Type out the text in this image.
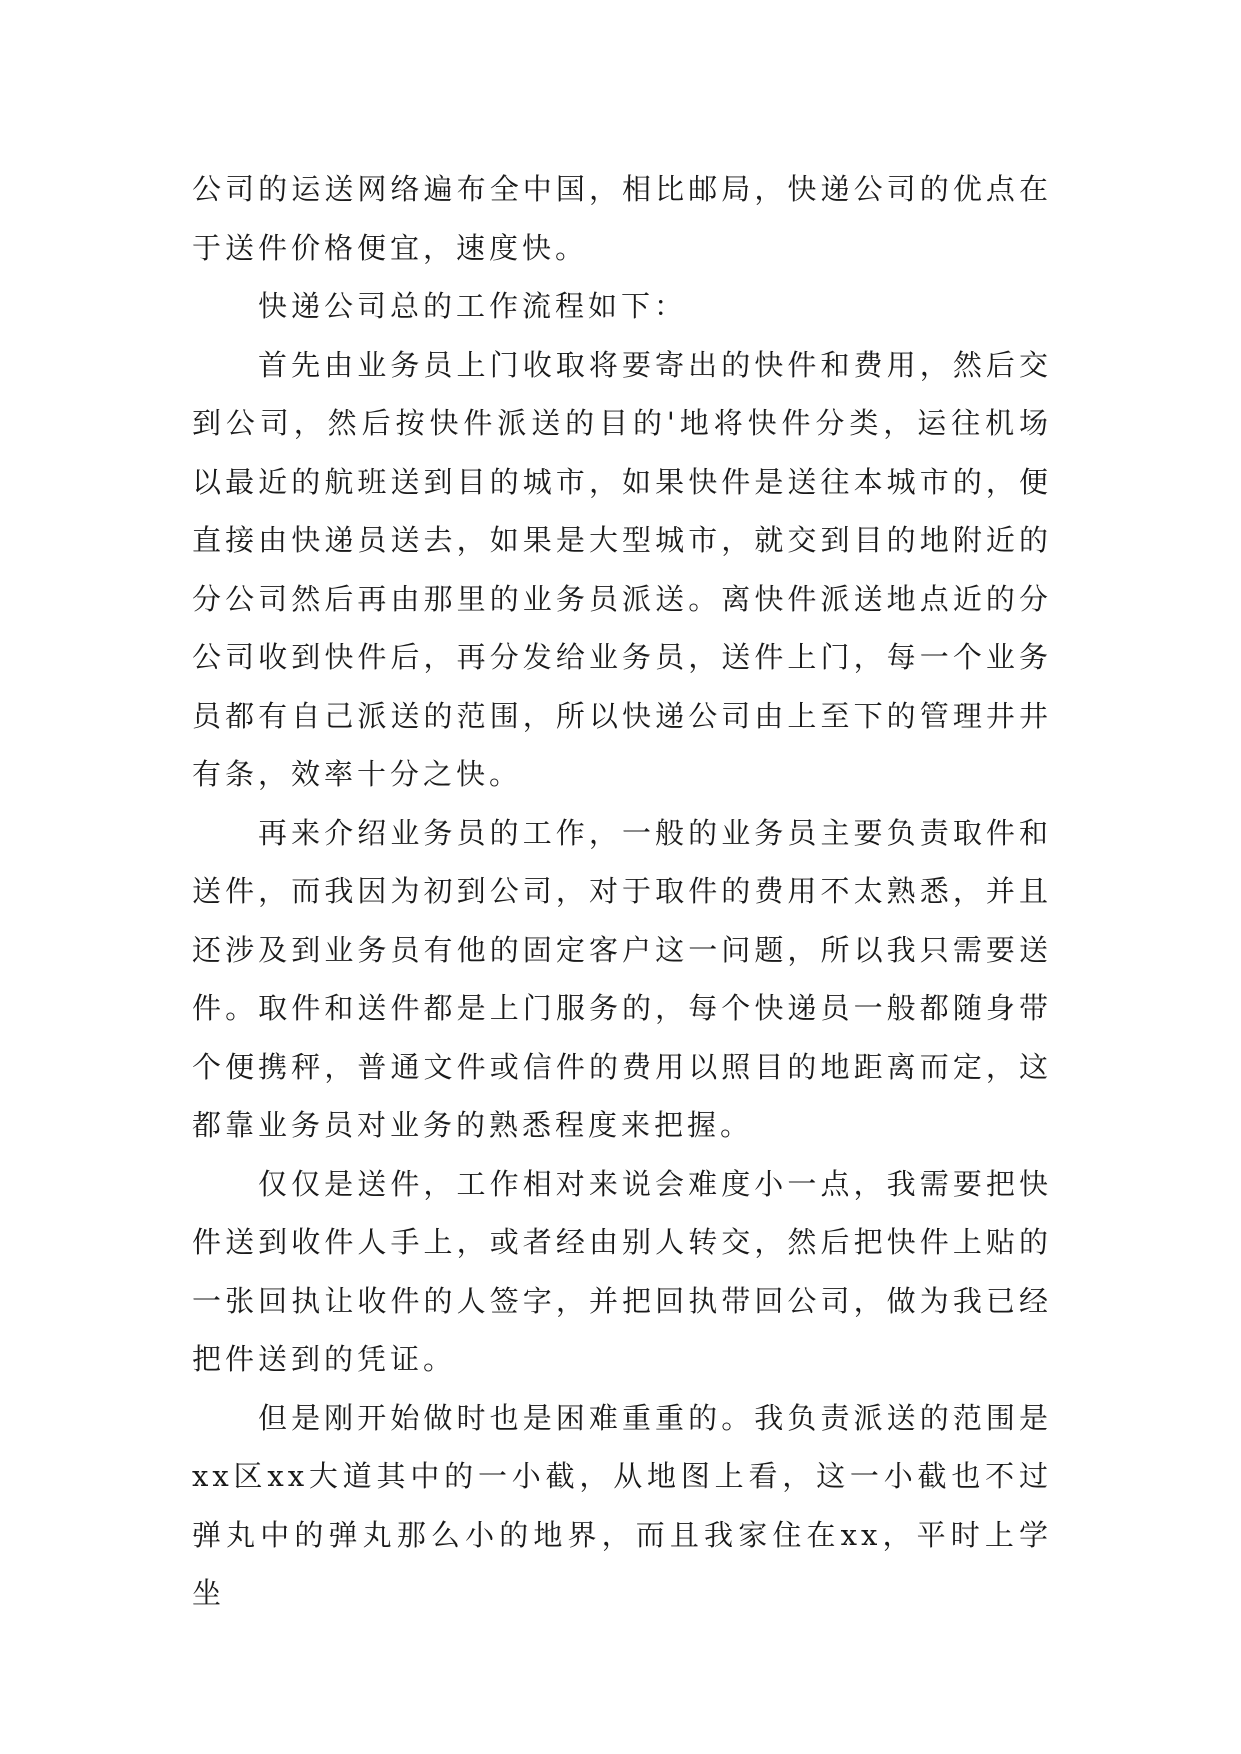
公司的运送网络遍布全中国，相比邮局，快递公司的优点在于送件价格便宜，速度快。

快递公司总的工作流程如下：

首先由业务员上门收取将要寄出的快件和费用，然后交到公司，然后按快件派送的目的'地将快件分类，运往机场以最近的航班送到目的城市，如果快件是送往本城市的，便直接由快递员送去，如果是大型城市，就交到目的地附近的分公司然后再由那里的业务员派送。离快件派送地点近的分公司收到快件后，再分发给业务员，送件上门，每一个业务员都有自己派送的范围，所以快递公司由上至下的管理井井有条，效率十分之快。

再来介绍业务员的工作，一般的业务员主要负责取件和送件，而我因为初到公司，对于取件的费用不太熟悉，并且还涉及到业务员有他的固定客户这一问题，所以我只需要送件。取件和送件都是上门服务的，每个快递员一般都随身带个便携秤，普通文件或信件的费用以照目的地距离而定，这都靠业务员对业务的熟悉程度来把握。

仅仅是送件，工作相对来说会难度小一点，我需要把快件送到收件人手上，或者经由别人转交，然后把快件上贴的一张回执让收件的人签字，并把回执带回公司，做为我已经把件送到的凭证。

但是刚开始做时也是困难重重的。我负责派送的范围是xx区xx大道其中的一小截，从地图上看，这一小截也不过弹丸中的弹丸那么小的地界，而且我家住在xx，平时上学坐
